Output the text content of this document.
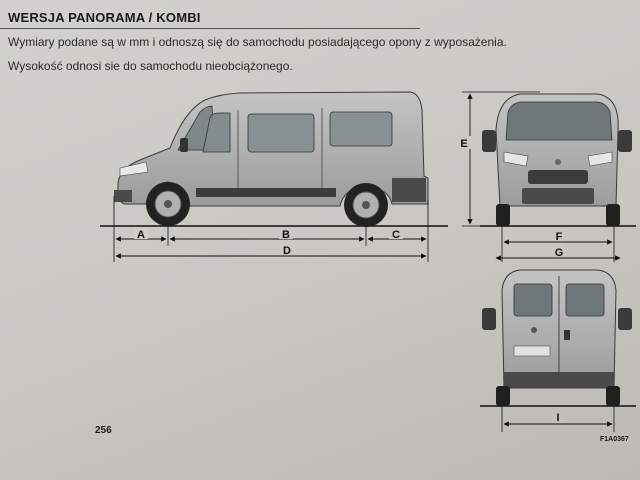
WERSJA PANORAMA / KOMBI
Wymiary podane są w mm i odnoszą się do samochodu posiadającego opony z wyposażenia.
Wysokość odnosi sie do samochodu nieobciążonego.
A	B	C
D
E
F
G
I
256
F1A0367
